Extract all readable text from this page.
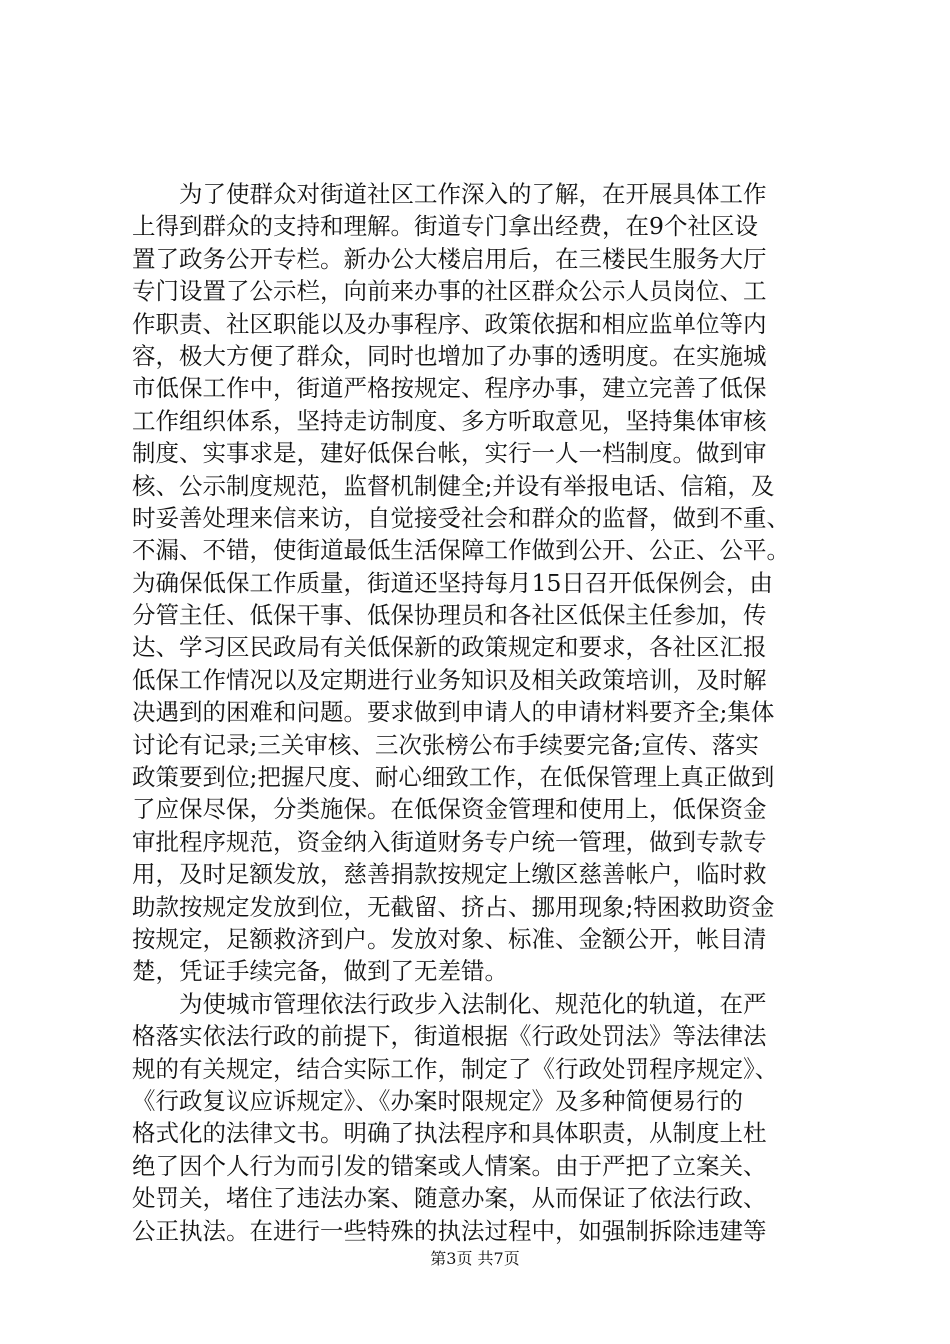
为了使群众对街道社区工作深入的了解，在开展具体工作
上得到群众的支持和理解。街道专门拿出经费，在9个社区设
置了政务公开专栏。新办公大楼启用后，在三楼民生服务大厅
专门设置了公示栏，向前来办事的社区群众公示人员岗位、工
作职责、社区职能以及办事程序、政策依据和相应监单位等内
容，极大方便了群众，同时也增加了办事的透明度。在实施城
市低保工作中，街道严格按规定、程序办事，建立完善了低保
工作组织体系，坚持走访制度、多方听取意见，坚持集体审核
制度、实事求是，建好低保台帐，实行一人一档制度。做到审
核、公示制度规范，监督机制健全;并设有举报电话、信箱，及
时妥善处理来信来访，自觉接受社会和群众的监督，做到不重、
不漏、不错，使街道最低生活保障工作做到公开、公正、公平。
为确保低保工作质量，街道还坚持每月15日召开低保例会，由
分管主任、低保干事、低保协理员和各社区低保主任参加，传
达、学习区民政局有关低保新的政策规定和要求，各社区汇报
低保工作情况以及定期进行业务知识及相关政策培训，及时解
决遇到的困难和问题。要求做到申请人的申请材料要齐全;集体
讨论有记录;三关审核、三次张榜公布手续要完备;宣传、落实
政策要到位;把握尺度、耐心细致工作，在低保管理上真正做到
了应保尽保，分类施保。在低保资金管理和使用上，低保资金
审批程序规范，资金纳入街道财务专户统一管理，做到专款专
用，及时足额发放，慈善捐款按规定上缴区慈善帐户，临时救
助款按规定发放到位，无截留、挤占、挪用现象;特困救助资金
按规定，足额救济到户。发放对象、标准、金额公开，帐目清
楚，凭证手续完备，做到了无差错。
为使城市管理依法行政步入法制化、规范化的轨道，在严
格落实依法行政的前提下，街道根据《行政处罚法》等法律法
规的有关规定，结合实际工作，制定了《行政处罚程序规定》、
《行政复议应诉规定》、《办案时限规定》及多种简便易行的
格式化的法律文书。明确了执法程序和具体职责，从制度上杜
绝了因个人行为而引发的错案或人情案。由于严把了立案关、
处罚关，堵住了违法办案、随意办案，从而保证了依法行政、
公正执法。在进行一些特殊的执法过程中，如强制拆除违建等
第3页 共7页
